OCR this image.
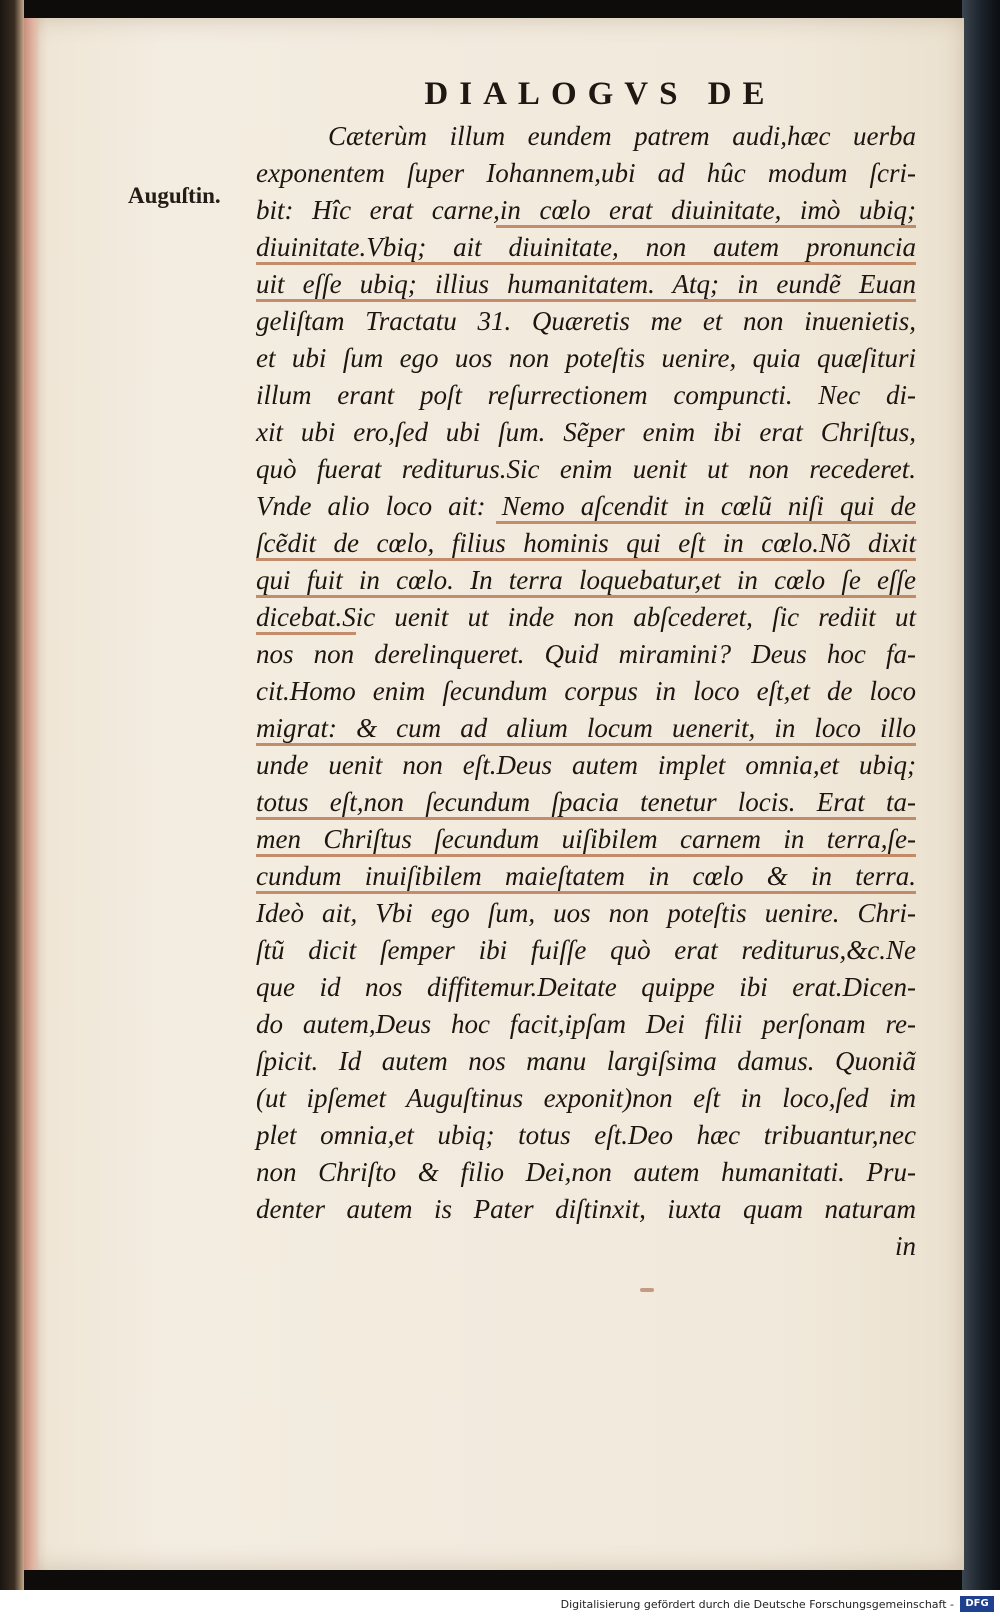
DIALOGVS DE

Auguſtin.

Cæterùm illum eundem patrem audi,hæc uerba
exponentem ſuper Iohannem,ubi ad hûc modum ſcri-
bit: Hîc erat carne,in cœlo erat diuinitate, imò ubiq;
diuinitate.Vbiq; ait diuinitate, non autem pronuncia
uit eſſe ubiq; illius humanitatem. Atq; in eundẽ Euan
geliſtam Tractatu 31. Quæretis me et non inuenietis,
et ubi ſum ego uos non poteſtis uenire, quia quæſituri
illum erant poſt reſurrectionem compuncti. Nec di-
xit ubi ero,ſed ubi ſum. Sẽper enim ibi erat Chriſtus,
quò fuerat rediturus.Sic enim uenit ut non recederet.
Vnde alio loco ait: Nemo aſcendit in cœlũ niſi qui de
ſcẽdit de cœlo, filius hominis qui eſt in cœlo.Nõ dixit
qui fuit in cœlo. In terra loquebatur,et in cœlo ſe eſſe
dicebat.Sic uenit ut inde non abſcederet, ſic rediit ut
nos non derelinqueret. Quid miramini? Deus hoc fa-
cit.Homo enim ſecundum corpus in loco eſt,et de loco
migrat: & cum ad alium locum uenerit, in loco illo
unde uenit non eſt.Deus autem implet omnia,et ubiq;
totus eſt,non ſecundum ſpacia tenetur locis. Erat ta-
men Chriſtus ſecundum uiſibilem carnem in terra,ſe-
cundum inuiſibilem maieſtatem in cœlo & in terra.
Ideò ait, Vbi ego ſum, uos non poteſtis uenire. Chri-
ſtũ dicit ſemper ibi fuiſſe quò erat rediturus,&c.Ne
que id nos diffitemur.Deitate quippe ibi erat.Dicen-
do autem,Deus hoc facit,ipſam Dei filii perſonam re-
ſpicit. Id autem nos manu largiſsima damus. Quoniã
(ut ipſemet Auguſtinus exponit)non eſt in loco,ſed im
plet omnia,et ubiq; totus eſt.Deo hæc tribuantur,nec
non Chriſto & filio Dei,non autem humanitati. Pru-
denter autem is Pater diſtinxit, iuxta quam naturam
in

Digitalisierung gefördert durch die Deutsche Forschungsgemeinschaft -	DFG
